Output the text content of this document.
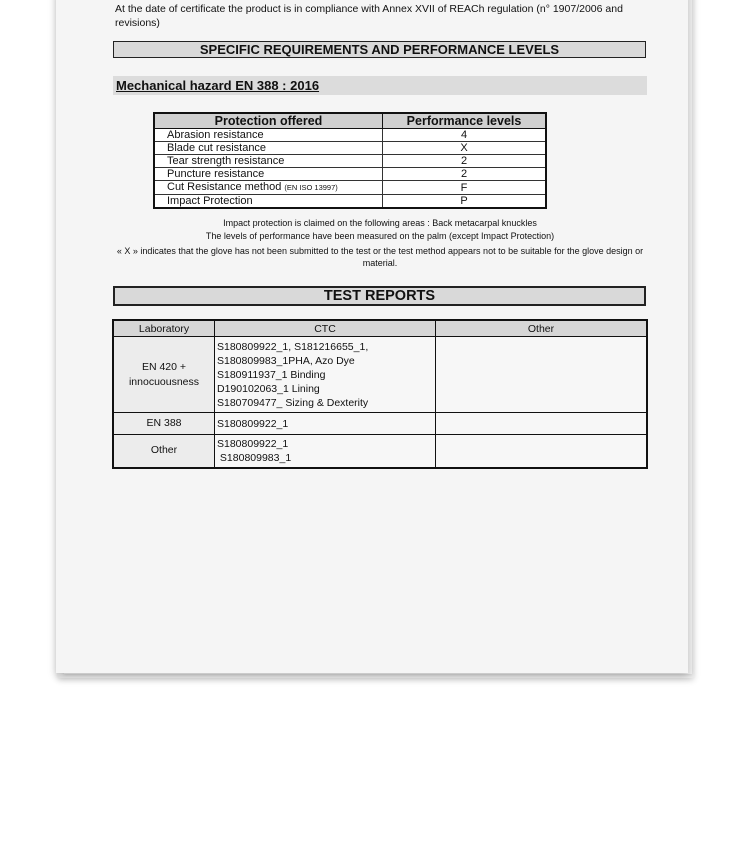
At the date of certificate the product is in compliance with Annex XVII of REACh regulation (n° 1907/2006 and revisions)
SPECIFIC REQUIREMENTS AND PERFORMANCE LEVELS
Mechanical hazard EN 388 : 2016
Protection offered	Performance levels
Abrasion resistance	4
Blade cut resistance	X
Tear strength resistance	2
Puncture resistance	2
Cut Resistance method (EN ISO 13997)	F
Impact Protection	P
Impact protection is claimed on the following areas : Back metacarpal knuckles
The levels of performance have been measured on the palm (except Impact Protection)
« X » indicates that the glove has not been submitted to the test or the test method appears not to be suitable for the glove design or material.
TEST REPORTS
Laboratory	CTC	Other
EN 420 + innocuousness	S180809922_1, S181216655_1,
S180809983_1PHA, Azo Dye
S180911937_1 Binding
D190102063_1 Lining
S180709477_ Sizing & Dexterity	

EN 388	S180809922_1	

Other	S180809922_1
S180809983_1	
